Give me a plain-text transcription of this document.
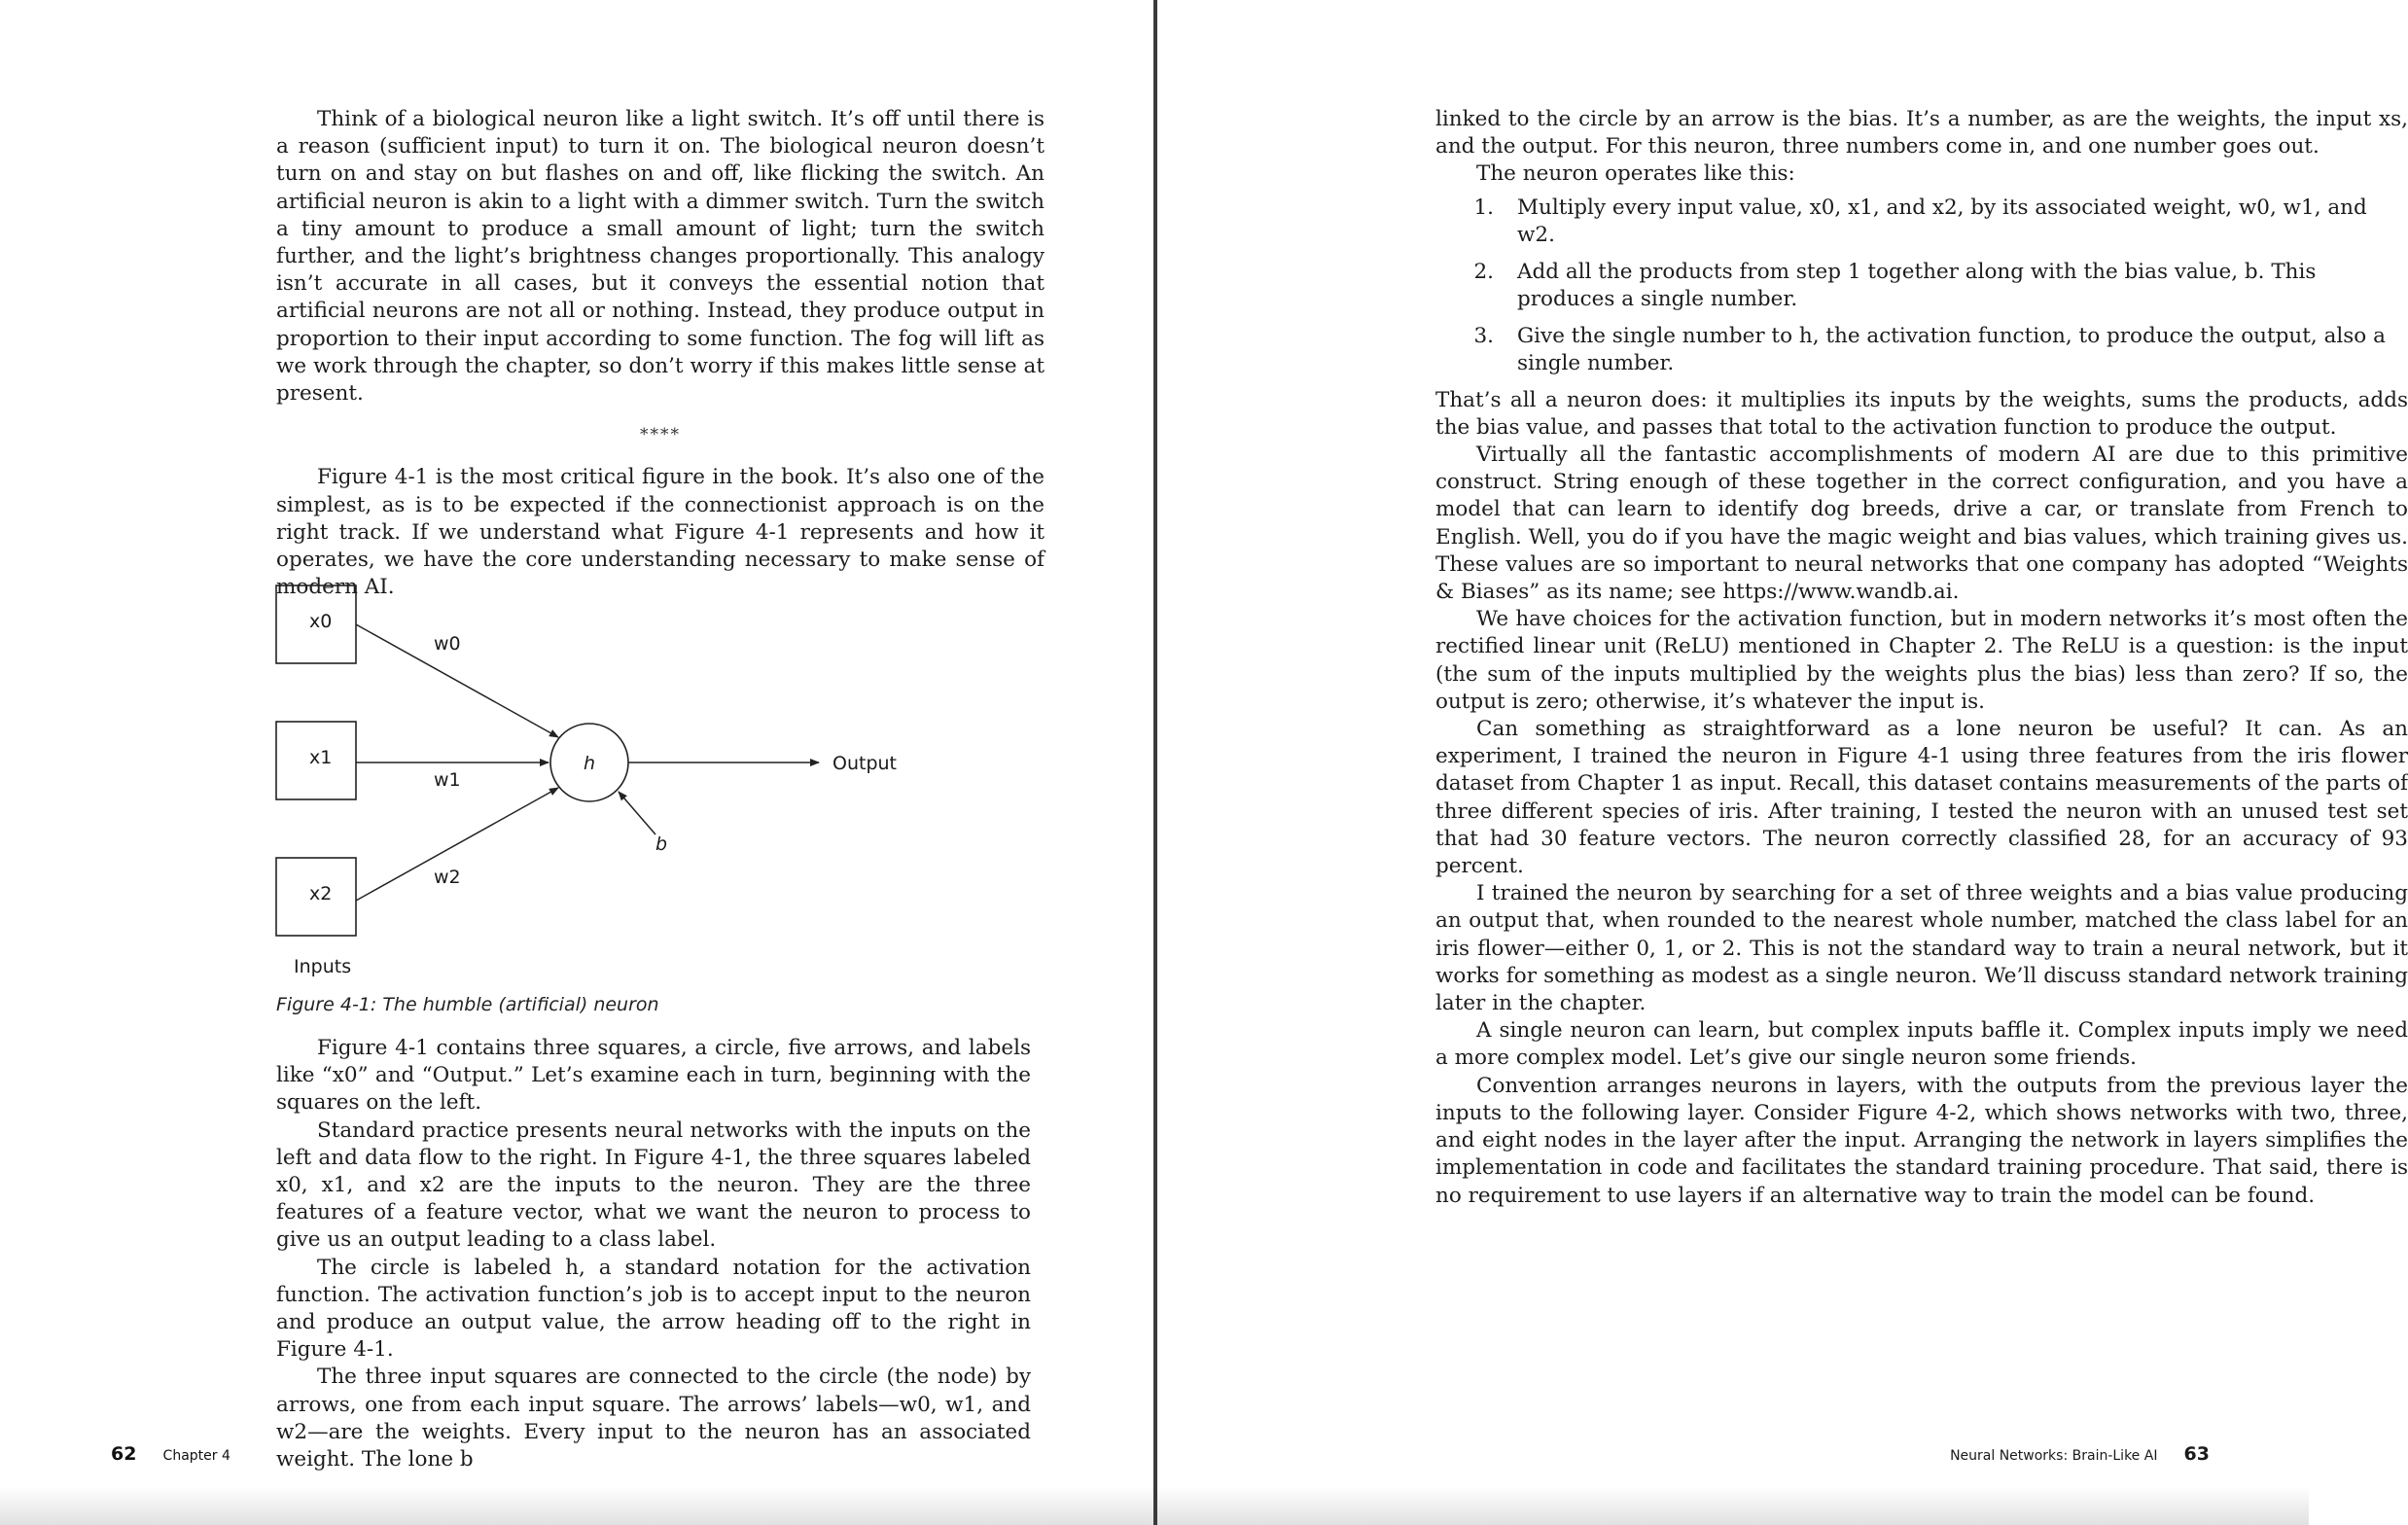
Think of a biological neuron like a light switch. It’s off until there is a reason (sufficient input) to turn it on. The biological neuron doesn’t turn on and stay on but flashes on and off, like flicking the switch. An artificial neuron is akin to a light with a dimmer switch. Turn the switch a tiny amount to produce a small amount of light; turn the switch further, and the light’s brightness changes proportionally. This analogy isn’t accurate in all cases, but it conveys the essential notion that artificial neurons are not all or nothing. Instead, they produce output in proportion to their input according to some function. The fog will lift as we work through the chapter, so don’t worry if this makes little sense at present.

****

Figure 4-1 is the most critical figure in the book. It’s also one of the simplest, as is to be expected if the connectionist approach is on the right track. If we understand what Figure 4-1 represents and how it operates, we have the core understanding necessary to make sense of modern AI.

x0
x1
x2
h
w0
w1
w2
b
Output
Inputs
Figure 4-1: The humble (artificial) neuron

Figure 4-1 contains three squares, a circle, five arrows, and labels like “x0” and “Output.” Let’s examine each in turn, beginning with the squares on the left.

Standard practice presents neural networks with the inputs on the left and data flow to the right. In Figure 4-1, the three squares labeled x0, x1, and x2 are the inputs to the neuron. They are the three features of a feature vector, what we want the neuron to process to give us an output leading to a class label.

The circle is labeled h, a standard notation for the activation function. The activation function’s job is to accept input to the neuron and produce an output value, the arrow heading off to the right in Figure 4-1.

The three input squares are connected to the circle (the node) by arrows, one from each input square. The arrows’ labels—w0, w1, and w2—are the weights. Every input to the neuron has an associated weight. The lone b

62 Chapter 4

linked to the circle by an arrow is the bias. It’s a number, as are the weights, the input xs, and the output. For this neuron, three numbers come in, and one number goes out.

The neuron operates like this:

1.	Multiply every input value, x0, x1, and x2, by its associated weight, w0, w1, and w2.
2.	Add all the products from step 1 together along with the bias value, b. This produces a single number.
3.	Give the single number to h, the activation function, to produce the output, also a single number.

That’s all a neuron does: it multiplies its inputs by the weights, sums the products, adds the bias value, and passes that total to the activation function to produce the output.

Virtually all the fantastic accomplishments of modern AI are due to this primitive construct. String enough of these together in the correct configuration, and you have a model that can learn to identify dog breeds, drive a car, or translate from French to English. Well, you do if you have the magic weight and bias values, which training gives us. These values are so important to neural networks that one company has adopted “Weights & Biases” as its name; see https://www.wandb.ai.

We have choices for the activation function, but in modern networks it’s most often the rectified linear unit (ReLU) mentioned in Chapter 2. The ReLU is a question: is the input (the sum of the inputs multiplied by the weights plus the bias) less than zero? If so, the output is zero; otherwise, it’s whatever the input is.

Can something as straightforward as a lone neuron be useful? It can. As an experiment, I trained the neuron in Figure 4-1 using three features from the iris flower dataset from Chapter 1 as input. Recall, this dataset contains measurements of the parts of three different species of iris. After training, I tested the neuron with an unused test set that had 30 feature vectors. The neuron correctly classified 28, for an accuracy of 93 percent.

I trained the neuron by searching for a set of three weights and a bias value producing an output that, when rounded to the nearest whole number, matched the class label for an iris flower—either 0, 1, or 2. This is not the standard way to train a neural network, but it works for something as modest as a single neuron. We’ll discuss standard network training later in the chapter.

A single neuron can learn, but complex inputs baffle it. Complex inputs imply we need a more complex model. Let’s give our single neuron some friends.

Convention arranges neurons in layers, with the outputs from the previous layer the inputs to the following layer. Consider Figure 4-2, which shows networks with two, three, and eight nodes in the layer after the input. Arranging the network in layers simplifies the implementation in code and facilitates the standard training procedure. That said, there is no requirement to use layers if an alternative way to train the model can be found.

Neural Networks: Brain-Like AI 63
